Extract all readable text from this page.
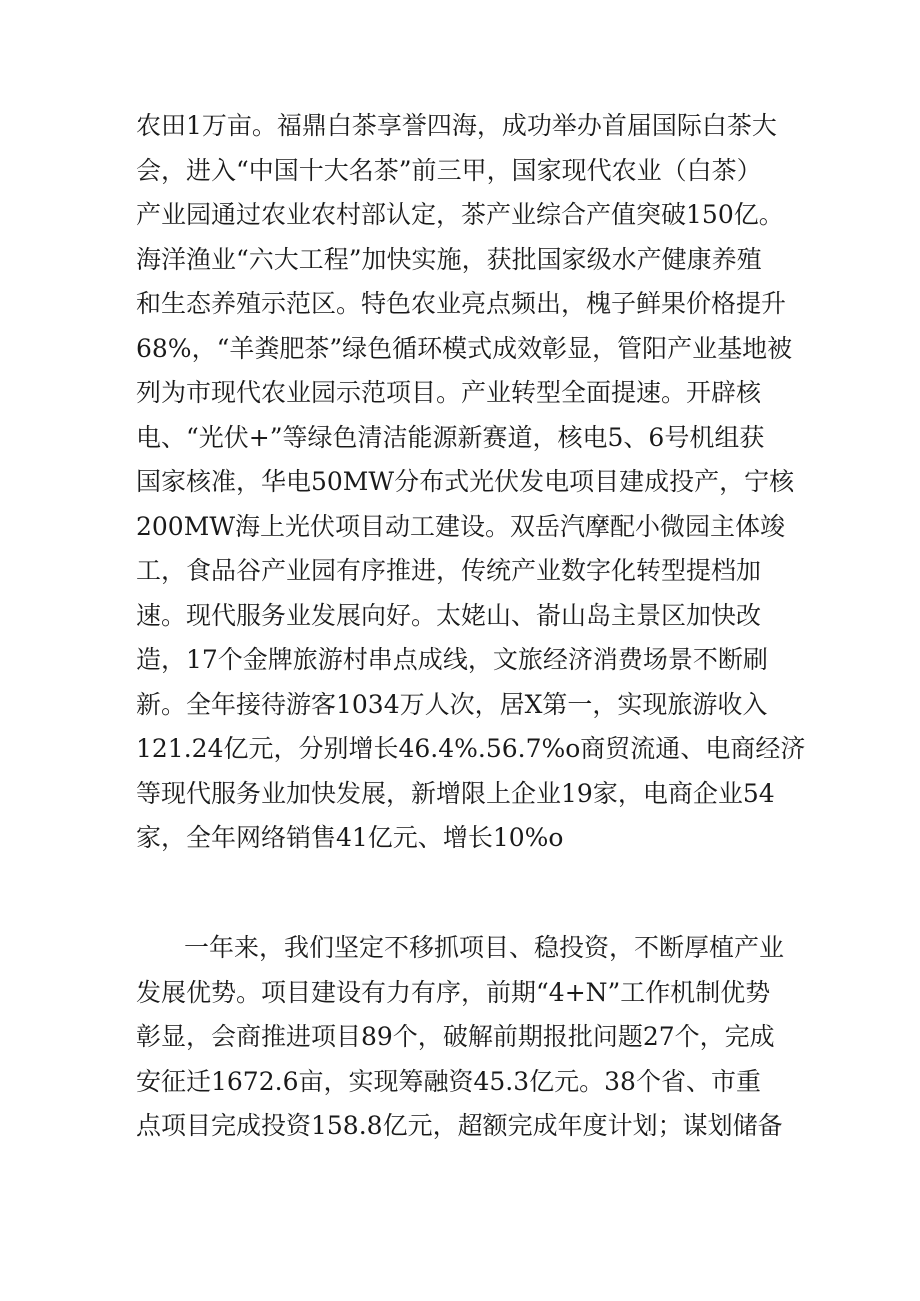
农田1万亩。福鼎白茶享誉四海，成功举办首届国际白茶大
会，进入“中国十大名茶”前三甲，国家现代农业（白茶）
产业园通过农业农村部认定，茶产业综合产值突破150亿。
海洋渔业“六大工程”加快实施，获批国家级水产健康养殖
和生态养殖示范区。特色农业亮点频出，槐子鲜果价格提升
68%，“羊粪肥茶”绿色循环模式成效彰显，管阳产业基地被
列为市现代农业园示范项目。产业转型全面提速。开辟核
电、“光伏+”等绿色清洁能源新赛道，核电5、6号机组获
国家核准，华电50MW分布式光伏发电项目建成投产，宁核
200MW海上光伏项目动工建设。双岳汽摩配小微园主体竣
工，食品谷产业园有序推进，传统产业数字化转型提档加
速。现代服务业发展向好。太姥山、嵛山岛主景区加快改
造，17个金牌旅游村串点成线，文旅经济消费场景不断刷
新。全年接待游客1034万人次，居X第一，实现旅游收入
121.24亿元，分别增长46.4%.56.7%o商贸流通、电商经济
等现代服务业加快发展，新增限上企业19家，电商企业54
家，全年网络销售41亿元、增长10%o
一年来，我们坚定不移抓项目、稳投资，不断厚植产业
发展优势。项目建设有力有序，前期“4+N”工作机制优势
彰显，会商推进项目89个，破解前期报批问题27个，完成
安征迁1672.6亩，实现筹融资45.3亿元。38个省、市重
点项目完成投资158.8亿元，超额完成年度计划；谋划储备
